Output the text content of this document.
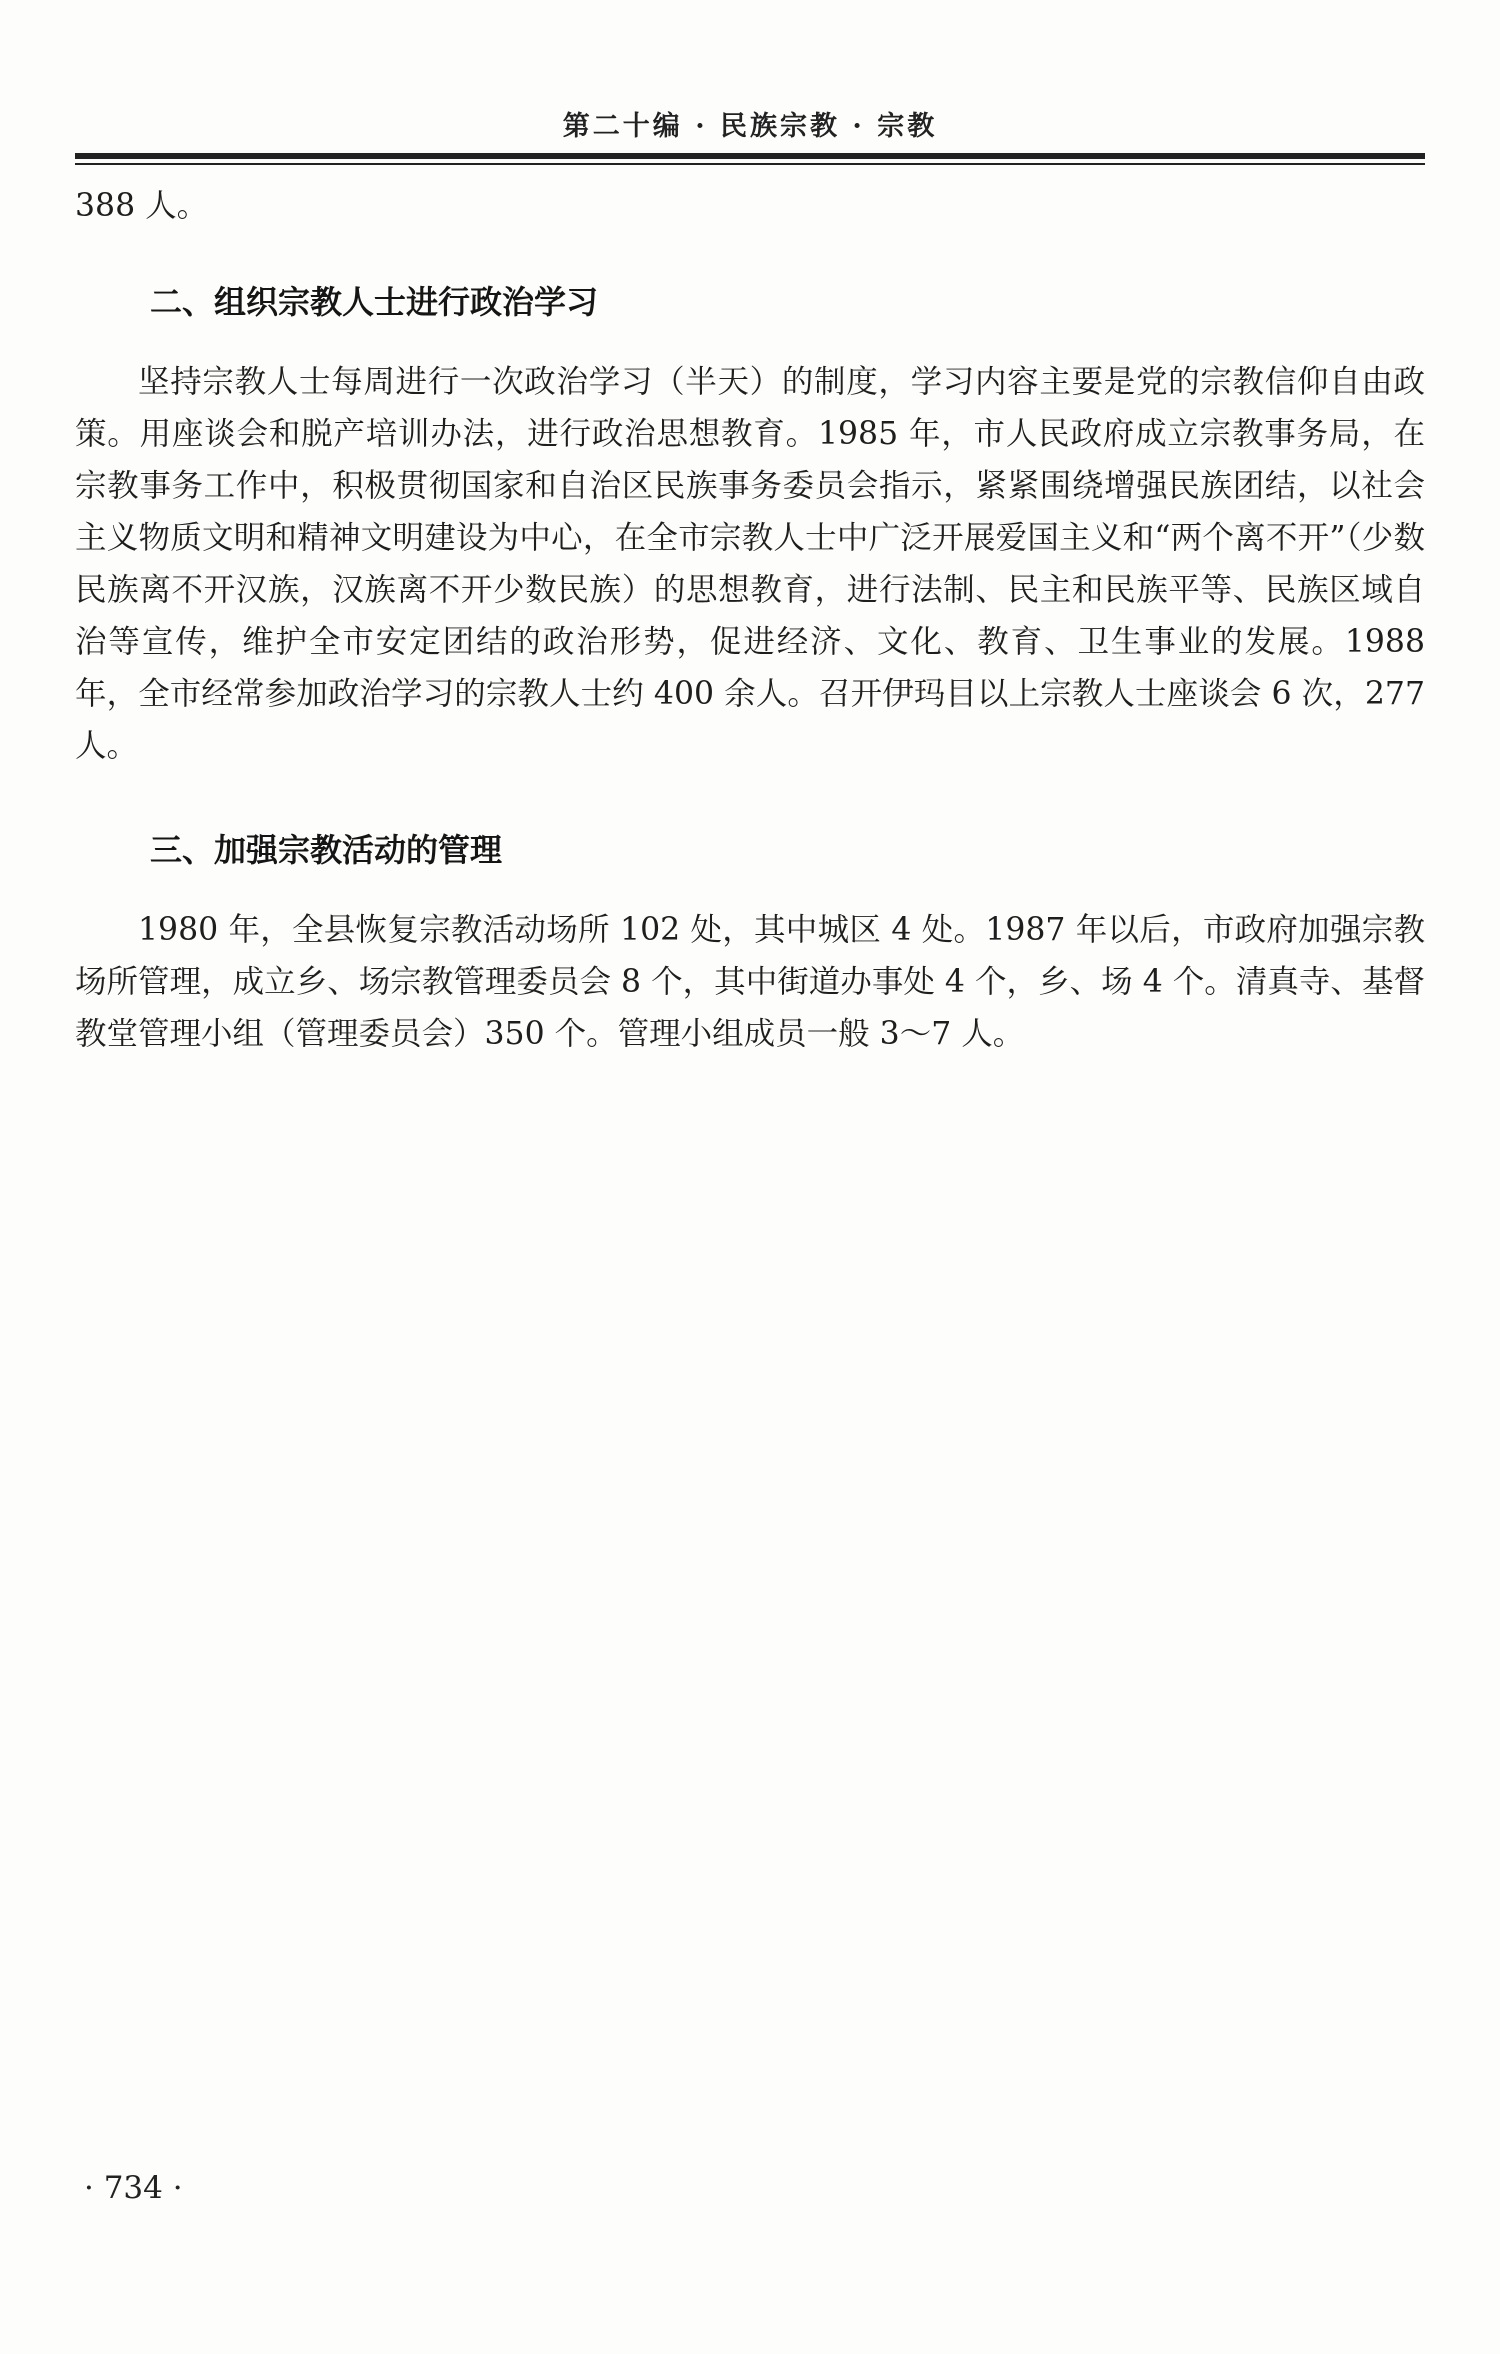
第二十编 · 民族宗教 · 宗教

388 人。

二、组织宗教人士进行政治学习

坚持宗教人士每周进行一次政治学习（半天）的制度，学习内容主要是党的宗教信仰自由政策。用座谈会和脱产培训办法，进行政治思想教育。1985 年，市人民政府成立宗教事务局，在宗教事务工作中，积极贯彻国家和自治区民族事务委员会指示，紧紧围绕增强民族团结，以社会主义物质文明和精神文明建设为中心，在全市宗教人士中广泛开展爱国主义和“两个离不开”（少数民族离不开汉族，汉族离不开少数民族）的思想教育，进行法制、民主和民族平等、民族区域自治等宣传，维护全市安定团结的政治形势，促进经济、文化、教育、卫生事业的发展。1988 年，全市经常参加政治学习的宗教人士约 400 余人。召开伊玛目以上宗教人士座谈会 6 次，277 人。

三、加强宗教活动的管理

1980 年，全县恢复宗教活动场所 102 处，其中城区 4 处。1987 年以后，市政府加强宗教场所管理，成立乡、场宗教管理委员会 8 个，其中街道办事处 4 个，乡、场 4 个。清真寺、基督教堂管理小组（管理委员会）350 个。管理小组成员一般 3～7 人。

· 734 ·
